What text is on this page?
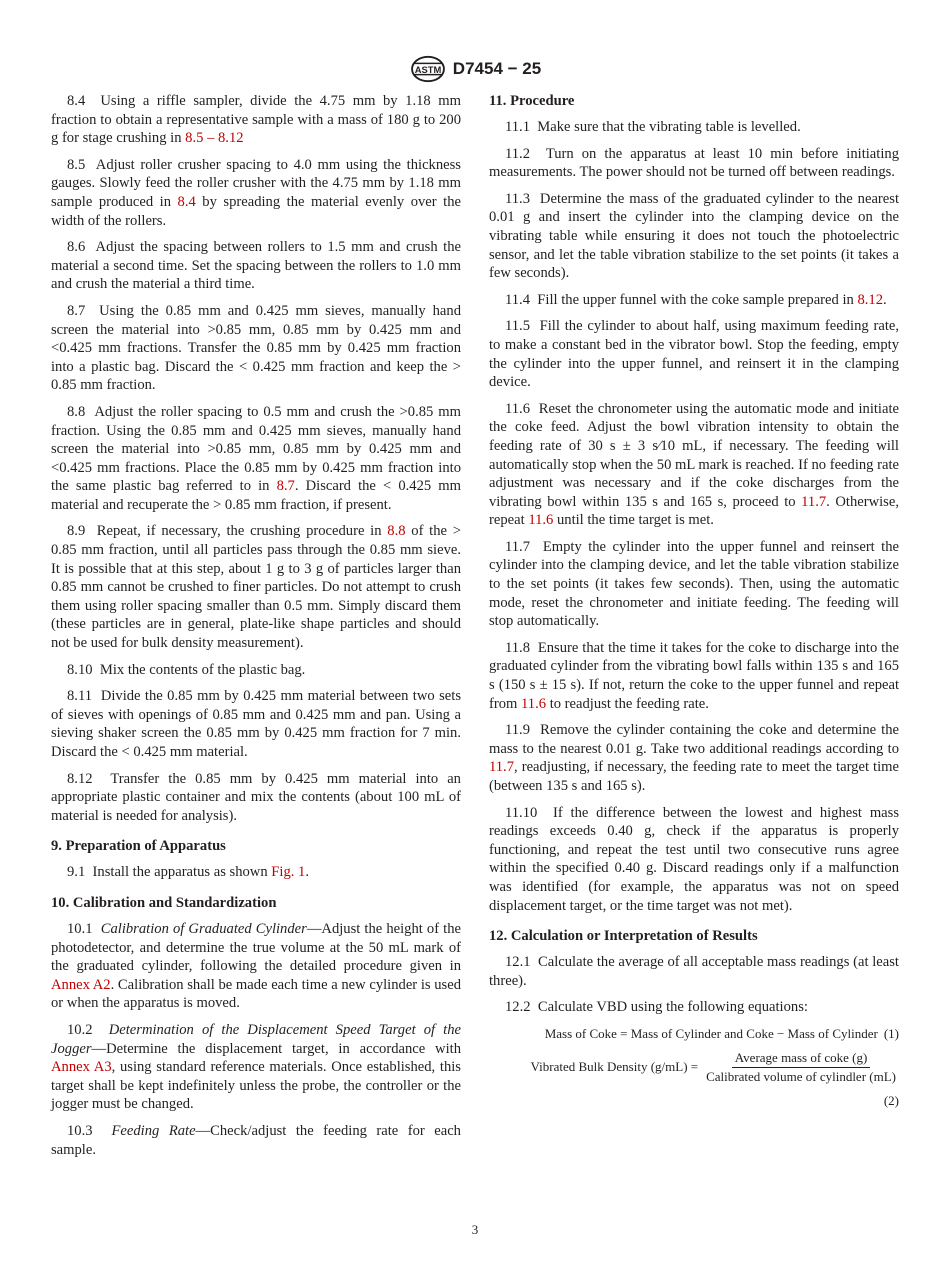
ASTM D7454 − 25

8.4 Using a riffle sampler, divide the 4.75 mm by 1.18 mm fraction to obtain a representative sample with a mass of 180 g to 200 g for stage crushing in 8.5 – 8.12

8.5 Adjust roller crusher spacing to 4.0 mm using the thickness gauges. Slowly feed the roller crusher with the 4.75 mm by 1.18 mm sample produced in 8.4 by spreading the material evenly over the width of the rollers.

8.6 Adjust the spacing between rollers to 1.5 mm and crush the material a second time. Set the spacing between the rollers to 1.0 mm and crush the material a third time.

8.7 Using the 0.85 mm and 0.425 mm sieves, manually hand screen the material into >0.85 mm, 0.85 mm by 0.425 mm and <0.425 mm fractions. Transfer the 0.85 mm by 0.425 mm fraction into a plastic bag. Discard the < 0.425 mm fraction and keep the > 0.85 mm fraction.

8.8 Adjust the roller spacing to 0.5 mm and crush the >0.85 mm fraction. Using the 0.85 mm and 0.425 mm sieves, manually hand screen the material into >0.85 mm, 0.85 mm by 0.425 mm and <0.425 mm fractions. Place the 0.85 mm by 0.425 mm fraction into the same plastic bag referred to in 8.7. Discard the < 0.425 mm material and recuperate the > 0.85 mm fraction, if present.

8.9 Repeat, if necessary, the crushing procedure in 8.8 of the > 0.85 mm fraction, until all particles pass through the 0.85 mm sieve. It is possible that at this step, about 1 g to 3 g of particles larger than 0.85 mm cannot be crushed to finer particles. Do not attempt to crush them using roller spacing smaller than 0.5 mm. Simply discard them (these particles are in general, plate-like shape particles and should not be used for bulk density measurement).

8.10 Mix the contents of the plastic bag.

8.11 Divide the 0.85 mm by 0.425 mm material between two sets of sieves with openings of 0.85 mm and 0.425 mm and pan. Using a sieving shaker screen the 0.85 mm by 0.425 mm fraction for 7 min. Discard the < 0.425 mm material.

8.12 Transfer the 0.85 mm by 0.425 mm material into an appropriate plastic container and mix the contents (about 100 mL of material is needed for analysis).

9. Preparation of Apparatus

9.1 Install the apparatus as shown Fig. 1.

10. Calibration and Standardization

10.1 Calibration of Graduated Cylinder—Adjust the height of the photodetector, and determine the true volume at the 50 mL mark of the graduated cylinder, following the detailed procedure given in Annex A2. Calibration shall be made each time a new cylinder is used or when the apparatus is moved.

10.2 Determination of the Displacement Speed Target of the Jogger—Determine the displacement target, in accordance with Annex A3, using standard reference materials. Once established, this target shall be kept indefinitely unless the probe, the controller or the jogger must be changed.

10.3 Feeding Rate—Check/adjust the feeding rate for each sample.

11. Procedure

11.1 Make sure that the vibrating table is levelled.

11.2 Turn on the apparatus at least 10 min before initiating measurements. The power should not be turned off between readings.

11.3 Determine the mass of the graduated cylinder to the nearest 0.01 g and insert the cylinder into the clamping device on the vibrating table while ensuring it does not touch the photoelectric sensor, and let the table vibration stabilize to the set points (it takes a few seconds).

11.4 Fill the upper funnel with the coke sample prepared in 8.12.

11.5 Fill the cylinder to about half, using maximum feeding rate, to make a constant bed in the vibrator bowl. Stop the feeding, empty the cylinder into the upper funnel, and reinsert it in the clamping device.

11.6 Reset the chronometer using the automatic mode and initiate the coke feed. Adjust the bowl vibration intensity to obtain the feeding rate of 30 s ± 3 s⁄10 mL, if necessary. The feeding will automatically stop when the 50 mL mark is reached. If no feeding rate adjustment was necessary and if the coke discharges from the vibrating bowl within 135 s and 165 s, proceed to 11.7. Otherwise, repeat 11.6 until the time target is met.

11.7 Empty the cylinder into the upper funnel and reinsert the cylinder into the clamping device, and let the table vibration stabilize to the set points (it takes few seconds). Then, using the automatic mode, reset the chronometer and initiate feeding. The feeding will stop automatically.

11.8 Ensure that the time it takes for the coke to discharge into the graduated cylinder from the vibrating bowl falls within 135 s and 165 s (150 s ± 15 s). If not, return the coke to the upper funnel and repeat from 11.6 to readjust the feeding rate.

11.9 Remove the cylinder containing the coke and determine the mass to the nearest 0.01 g. Take two additional readings according to 11.7, readjusting, if necessary, the feeding rate to meet the target time (between 135 s and 165 s).

11.10 If the difference between the lowest and highest mass readings exceeds 0.40 g, check if the apparatus is properly functioning, and repeat the test until two consecutive runs agree within the specified 0.40 g. Discard readings only if a malfunction was identified (for example, the apparatus was not on speed displacement target, or the time target was not met).

12. Calculation or Interpretation of Results

12.1 Calculate the average of all acceptable mass readings (at least three).

12.2 Calculate VBD using the following equations:

Mass of Coke = Mass of Cylinder and Coke − Mass of Cylinder (1)
Vibrated Bulk Density $(g/mL) = \frac{\text{Average mass of coke (g)}}{\text{Calibrated volume of cylindler (mL)}}$
(2)
3
